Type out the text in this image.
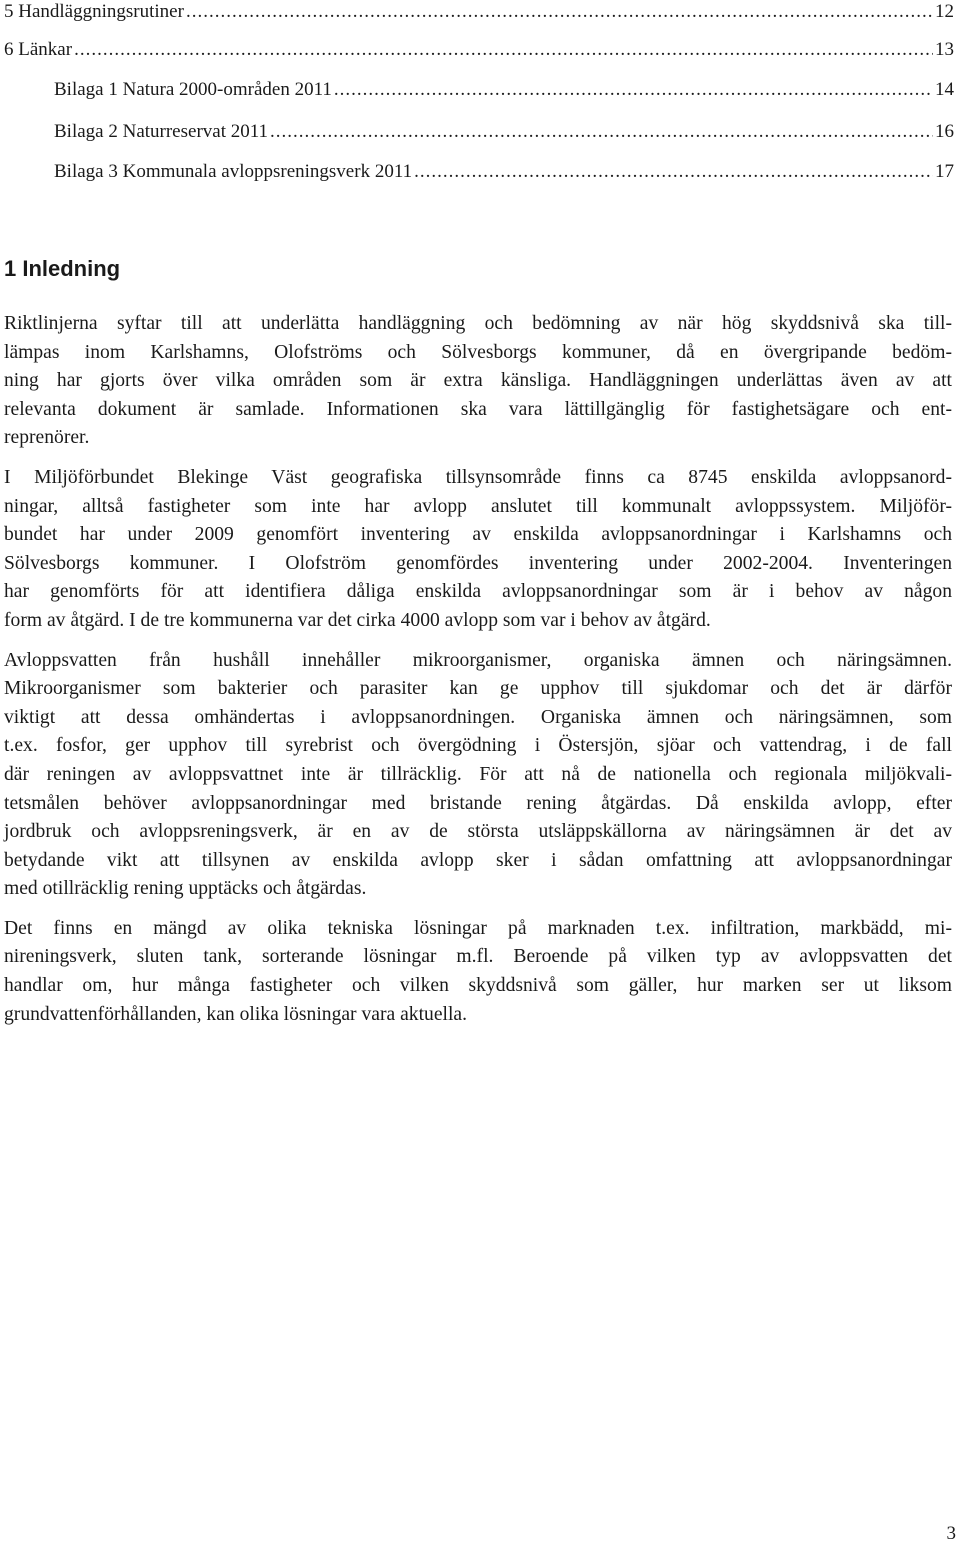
5 Handläggningsrutiner .....	12
6 Länkar .....	13
Bilaga 1 Natura 2000-områden 2011 .....	14
Bilaga 2 Naturreservat 2011 .....	16
Bilaga 3 Kommunala avloppsreningsverk 2011 .....	17
1 Inledning

Riktlinjerna syftar till att underlätta handläggning och bedömning av när hög skyddsnivå ska till-
lämpas inom Karlshamns, Olofströms och Sölvesborgs kommuner, då en övergripande bedöm-
ning har gjorts över vilka områden som är extra känsliga. Handläggningen underlättas även av att
relevanta dokument är samlade. Informationen ska vara lättillgänglig för fastighetsägare och ent-
reprenörer.

I Miljöförbundet Blekinge Väst geografiska tillsynsområde finns ca 8745 enskilda avloppsanord-
ningar, alltså fastigheter som inte har avlopp anslutet till kommunalt avloppssystem. Miljöför-
bundet har under 2009 genomfört inventering av enskilda avloppsanordningar i Karlshamns och
Sölvesborgs kommuner. I Olofström genomfördes inventering under 2002-2004. Inventeringen
har genomförts för att identifiera dåliga enskilda avloppsanordningar som är i behov av någon
form av åtgärd. I de tre kommunerna var det cirka 4000 avlopp som var i behov av åtgärd.

Avloppsvatten från hushåll innehåller mikroorganismer, organiska ämnen och näringsämnen.
Mikroorganismer som bakterier och parasiter kan ge upphov till sjukdomar och det är därför
viktigt att dessa omhändertas i avloppsanordningen. Organiska ämnen och näringsämnen, som
t.ex. fosfor, ger upphov till syrebrist och övergödning i Östersjön, sjöar och vattendrag, i de fall
där reningen av avloppsvattnet inte är tillräcklig. För att nå de nationella och regionala miljökvali-
tetsmålen behöver avloppsanordningar med bristande rening åtgärdas. Då enskilda avlopp, efter
jordbruk och avloppsreningsverk, är en av de största utsläppskällorna av näringsämnen är det av
betydande vikt att tillsynen av enskilda avlopp sker i sådan omfattning att avloppsanordningar
med otillräcklig rening upptäcks och åtgärdas.

Det finns en mängd av olika tekniska lösningar på marknaden t.ex. infiltration, markbädd, mi-
nireningsverk, sluten tank, sorterande lösningar m.fl. Beroende på vilken typ av avloppsvatten det
handlar om, hur många fastigheter och vilken skyddsnivå som gäller, hur marken ser ut liksom
grundvattenförhållanden, kan olika lösningar vara aktuella.

3
